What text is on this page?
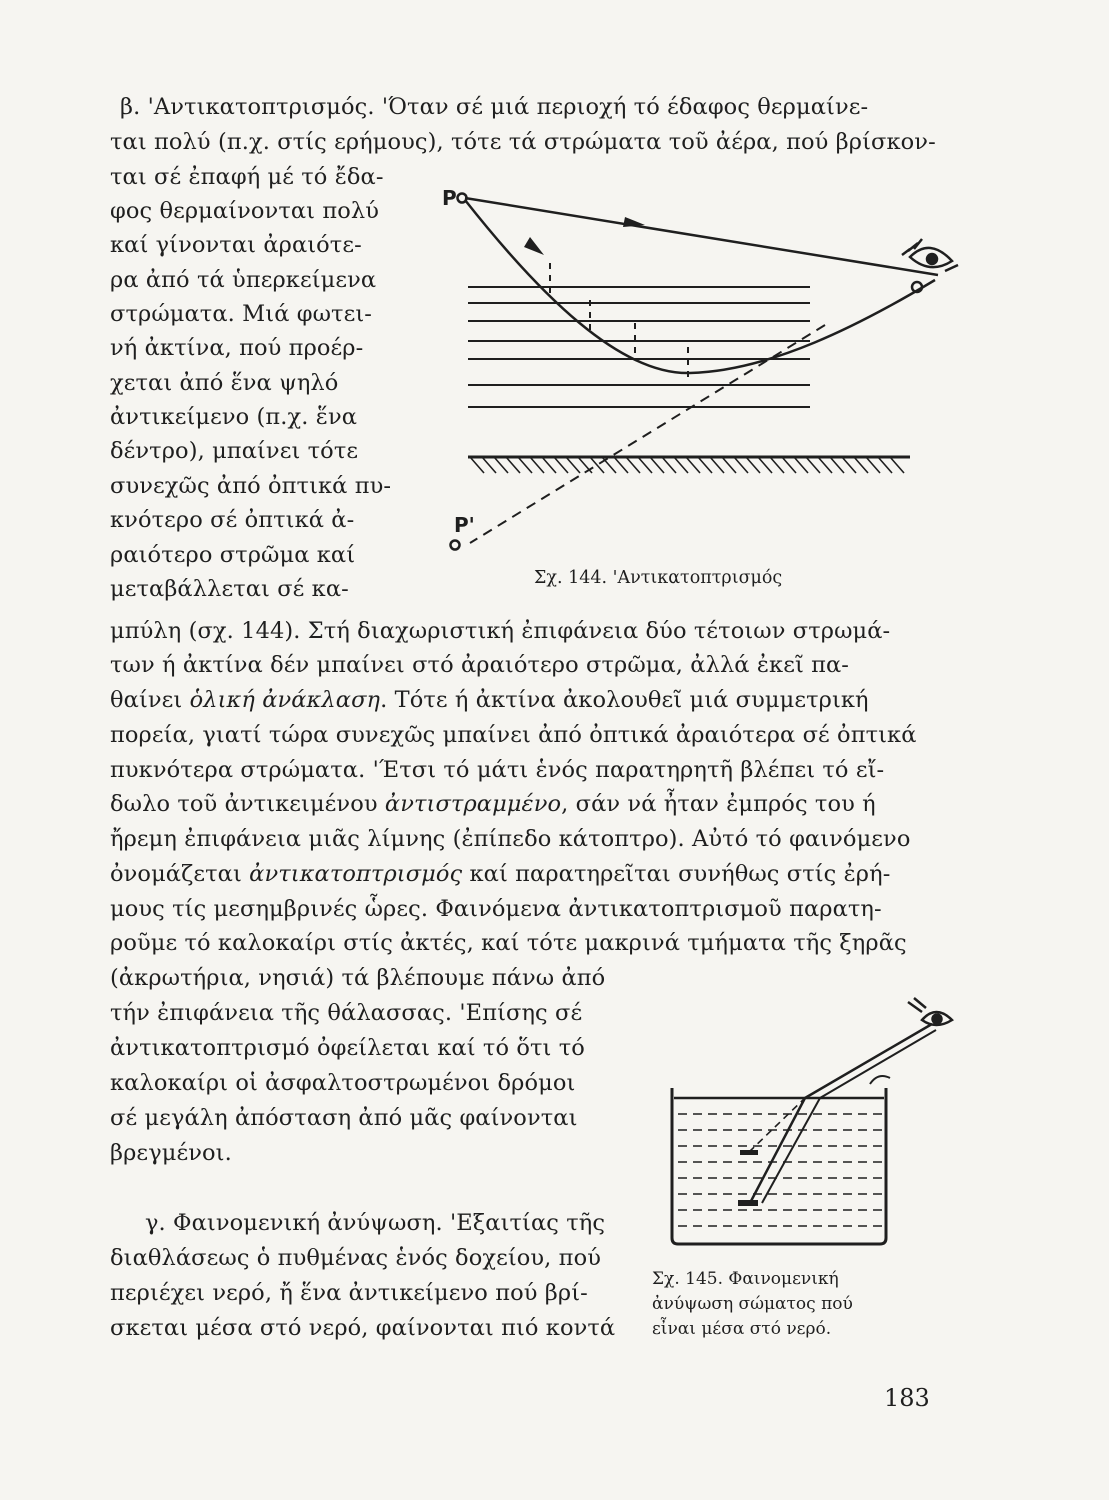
β. 'Αντικατοπτρισμός. 'Όταν σέ μιά περιοχή τό έδαφος θερμαίνε-
ται πολύ (π.χ. στίς ερήμους), τότε τά στρώματα τοῦ ἀέρα, πού βρίσκον-
ται σέ ἐπαφή μέ τό ἔδα-
φος θερμαίνονται πολύ
καί γίνονται ἀραιότε-
ρα ἀπό τά ὑπερκείμενα
στρώματα. Μιά φωτει-
νή ἀκτίνα, πού προέρ-
χεται ἀπό ἕνα ψηλό
ἀντικείμενο (π.χ. ἕνα
δέντρο), μπαίνει τότε
συνεχῶς ἀπό ὀπτικά πυ-
κνότερο σέ ὀπτικά ἀ-
ραιότερο στρῶμα καί
μεταβάλλεται σέ κα-
μπύλη (σχ. 144). Στή διαχωριστική ἐπιφάνεια δύο τέτοιων στρωμά-
των ή ἀκτίνα δέν μπαίνει στό ἀραιότερο στρῶμα, ἀλλά ἐκεῖ πα-
θαίνει ὁλική ἀνάκλαση. Τότε ή ἀκτίνα ἀκολουθεῖ μιά συμμετρική
πορεία, γιατί τώρα συνεχῶς μπαίνει ἀπό ὀπτικά ἀραιότερα σέ ὀπτικά
πυκνότερα στρώματα. 'Έτσι τό μάτι ἑνός παρατηρητῆ βλέπει τό εἴ-
δωλο τοῦ ἀντικειμένου ἀντιστραμμένο, σάν νά ἦταν ἐμπρός του ή
ἤρεμη ἐπιφάνεια μιᾶς λίμνης (ἐπίπεδο κάτοπτρο). Αὐτό τό φαινόμενο
ὀνομάζεται ἀντικατοπτρισμός καί παρατηρεῖται συνήθως στίς ἐρή-
μους τίς μεσημβρινές ὧρες. Φαινόμενα ἀντικατοπτρισμοῦ παρατη-
ροῦμε τό καλοκαίρι στίς ἀκτές, καί τότε μακρινά τμήματα τῆς ξηρᾶς
(ἀκρωτήρια, νησιά) τά βλέπουμε πάνω ἀπό
τήν ἐπιφάνεια τῆς θάλασσας. 'Επίσης σέ
ἀντικατοπτρισμό ὀφείλεται καί τό ὅτι τό
καλοκαίρι οἱ ἀσφαλτοστρωμένοι δρόμοι
σέ μεγάλη ἀπόσταση ἀπό μᾶς φαίνονται
βρεγμένοι.
γ. Φαινομενική ἀνύψωση. 'Εξαιτίας τῆς
διαθλάσεως ὁ πυθμένας ἑνός δοχείου, πού
περιέχει νερό, ἤ ἕνα ἀντικείμενο πού βρί-
σκεται μέσα στό νερό, φαίνονται πιό κοντά
P
P'
Σχ. 144. 'Αντικατοπτρισμός
Σχ. 145. Φαινομενική
ἀνύψωση σώματος πού
εἶναι μέσα στό νερό.
183
